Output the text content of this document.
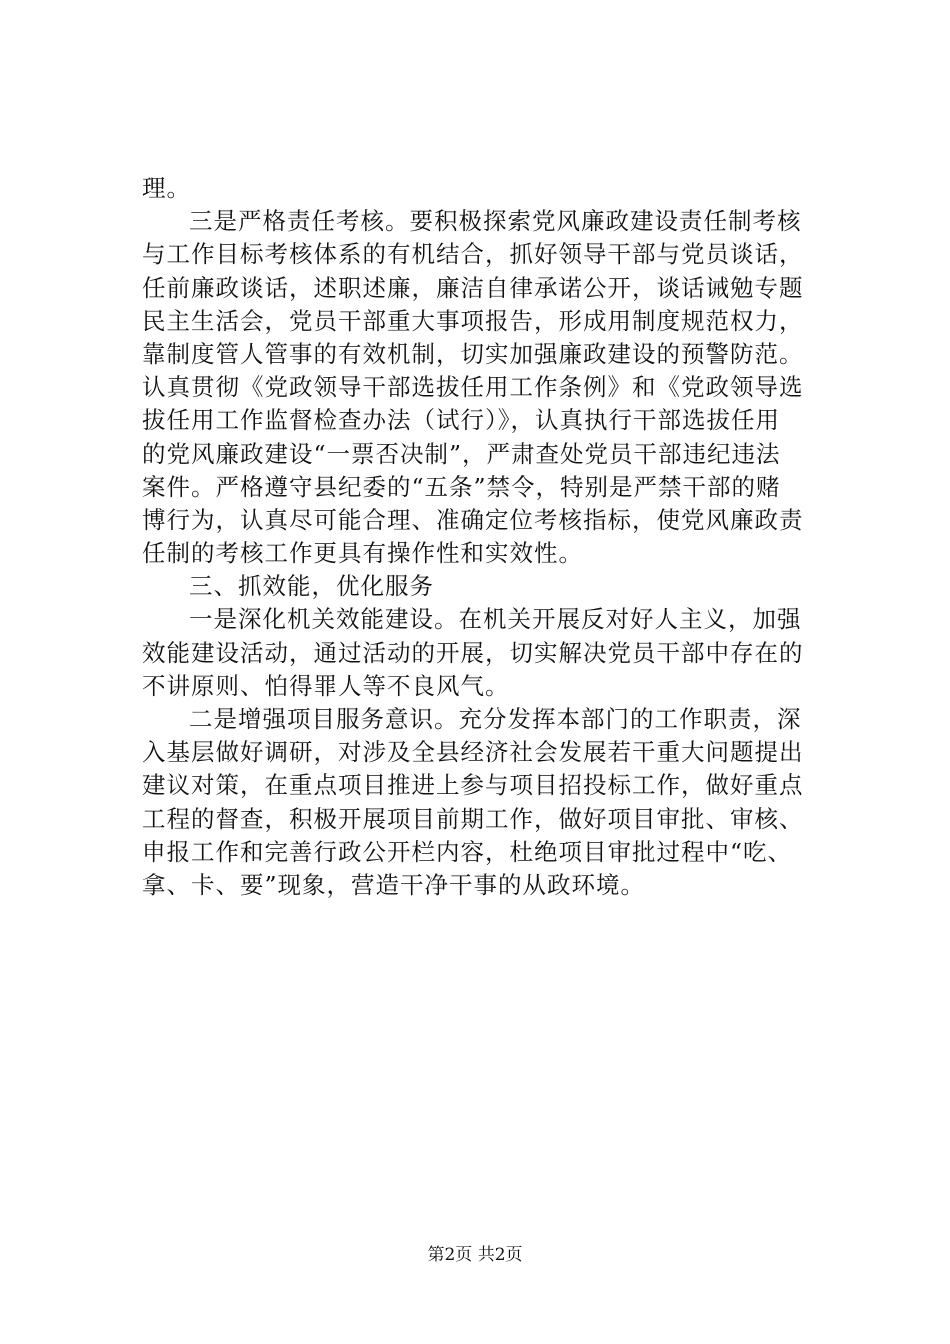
理。
三是严格责任考核。要积极探索党风廉政建设责任制考核
与工作目标考核体系的有机结合，抓好领导干部与党员谈话，
任前廉政谈话，述职述廉，廉洁自律承诺公开，谈话诫勉专题
民主生活会，党员干部重大事项报告，形成用制度规范权力，
靠制度管人管事的有效机制，切实加强廉政建设的预警防范。
认真贯彻《党政领导干部选拔任用工作条例》和《党政领导选
拔任用工作监督检查办法（试行）》，认真执行干部选拔任用
的党风廉政建设“一票否决制”，严肃查处党员干部违纪违法
案件。严格遵守县纪委的“五条”禁令，特别是严禁干部的赌
博行为，认真尽可能合理、准确定位考核指标，使党风廉政责
任制的考核工作更具有操作性和实效性。
三、抓效能，优化服务
一是深化机关效能建设。在机关开展反对好人主义，加强
效能建设活动，通过活动的开展，切实解决党员干部中存在的
不讲原则、怕得罪人等不良风气。
二是增强项目服务意识。充分发挥本部门的工作职责，深
入基层做好调研，对涉及全县经济社会发展若干重大问题提出
建议对策，在重点项目推进上参与项目招投标工作，做好重点
工程的督查，积极开展项目前期工作，做好项目审批、审核、
申报工作和完善行政公开栏内容，杜绝项目审批过程中“吃、
拿、卡、要”现象，营造干净干事的从政环境。
第2页 共2页
